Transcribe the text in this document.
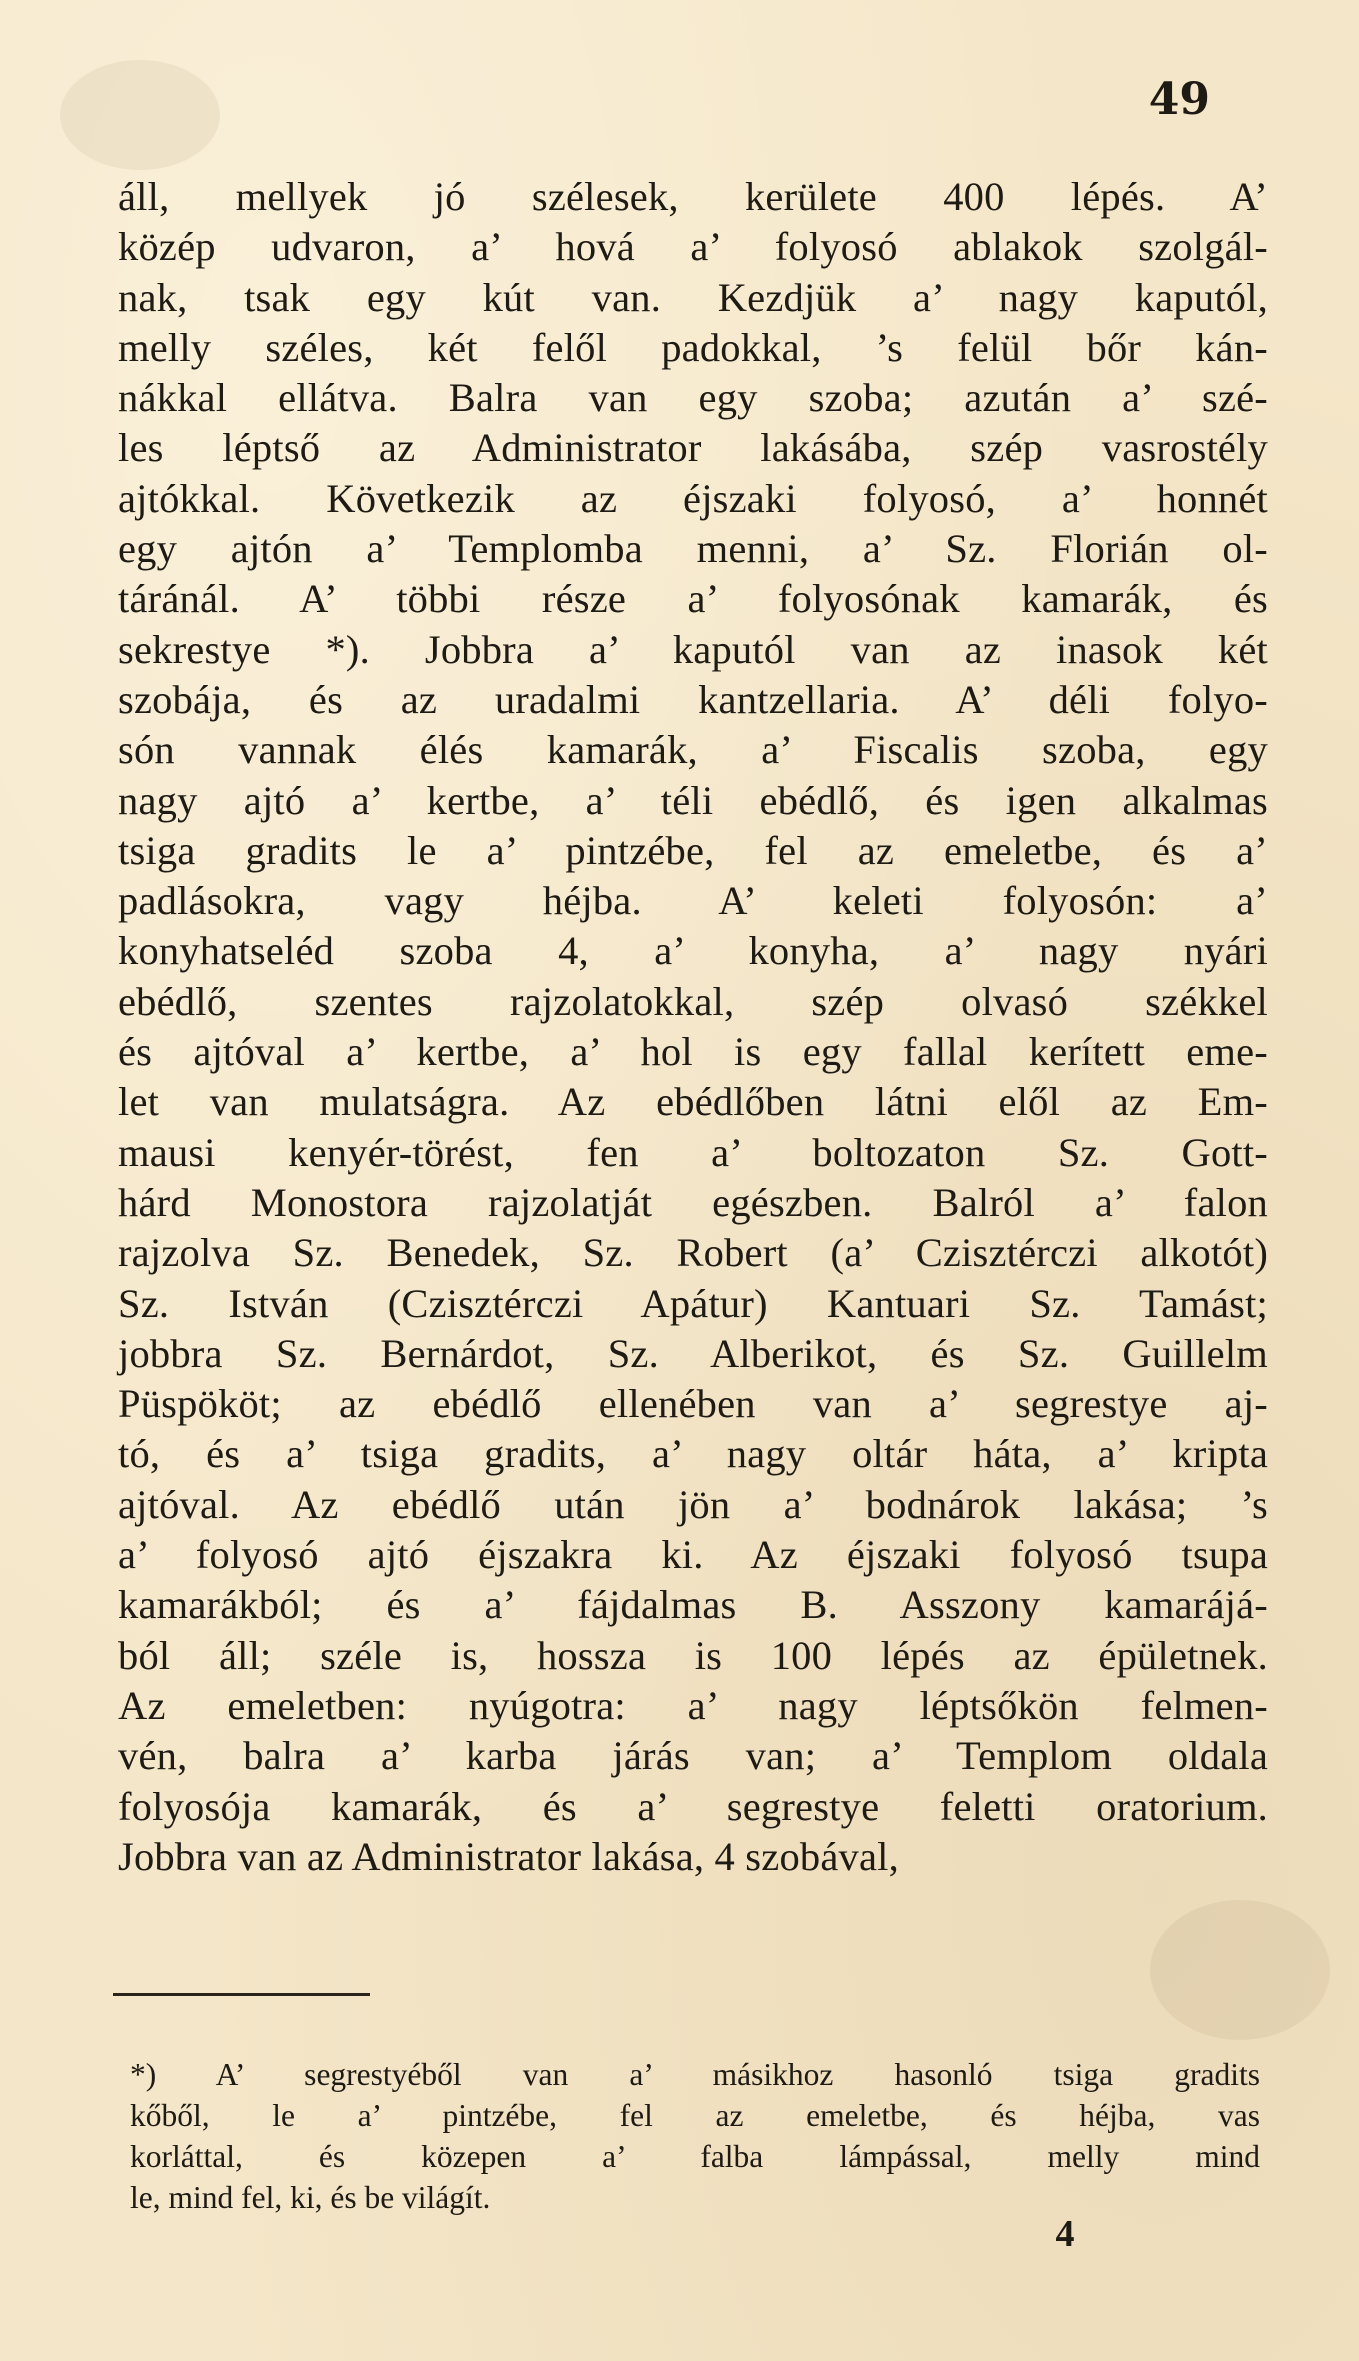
49
áll, mellyek jó szélesek, kerülete 400 lépés. A’
közép udvaron, a’ hová a’ folyosó ablakok szolgál-
nak, tsak egy kút van. Kezdjük a’ nagy kaputól,
melly széles, két felől padokkal, ’s felül bőr kán-
nákkal ellátva. Balra van egy szoba; azután a’ szé-
les léptső az Administrator lakásába, szép vasrostély
ajtókkal. Következik az éjszaki folyosó, a’ honnét
egy ajtón a’ Templomba menni, a’ Sz. Florián ol-
táránál. A’ többi része a’ folyosónak kamarák, és
sekrestye *). Jobbra a’ kaputól van az inasok két
szobája, és az uradalmi kantzellaria. A’ déli folyo-
són vannak élés kamarák, a’ Fiscalis szoba, egy
nagy ajtó a’ kertbe, a’ téli ebédlő, és igen alkalmas
tsiga gradits le a’ pintzébe, fel az emeletbe, és a’
padlásokra, vagy héjba. A’ keleti folyosón: a’
konyhatseléd szoba 4, a’ konyha, a’ nagy nyári
ebédlő, szentes rajzolatokkal, szép olvasó székkel
és ajtóval a’ kertbe, a’ hol is egy fallal kerített eme-
let van mulatságra. Az ebédlőben látni elől az Em-
mausi kenyér-törést, fen a’ boltozaton Sz. Gott-
hárd Monostora rajzolatját egészben. Balról a’ falon
rajzolva Sz. Benedek, Sz. Robert (a’ Czisztérczi alkotót)
Sz. István (Czisztérczi Apátur) Kantuari Sz. Tamást;
jobbra Sz. Bernárdot, Sz. Alberikot, és Sz. Guillelm
Püspököt; az ebédlő ellenében van a’ segrestye aj-
tó, és a’ tsiga gradits, a’ nagy oltár háta, a’ kripta
ajtóval. Az ebédlő után jön a’ bodnárok lakása; ’s
a’ folyosó ajtó éjszakra ki. Az éjszaki folyosó tsupa
kamarákból; és a’ fájdalmas B. Asszony kamarájá-
ból áll; széle is, hossza is 100 lépés az épületnek.
Az emeletben: nyúgotra: a’ nagy léptsőkön felmen-
vén, balra a’ karba járás van; a’ Templom oldala
folyosója kamarák, és a’ segrestye feletti oratorium.
Jobbra van az Administrator lakása, 4 szobával,
*) A’ segrestyéből van a’ másikhoz hasonló tsiga gradits
kőből, le a’ pintzébe, fel az emeletbe, és héjba, vas
korláttal, és közepen a’ falba lámpással, melly mind
le, mind fel, ki, és be világít.
4
